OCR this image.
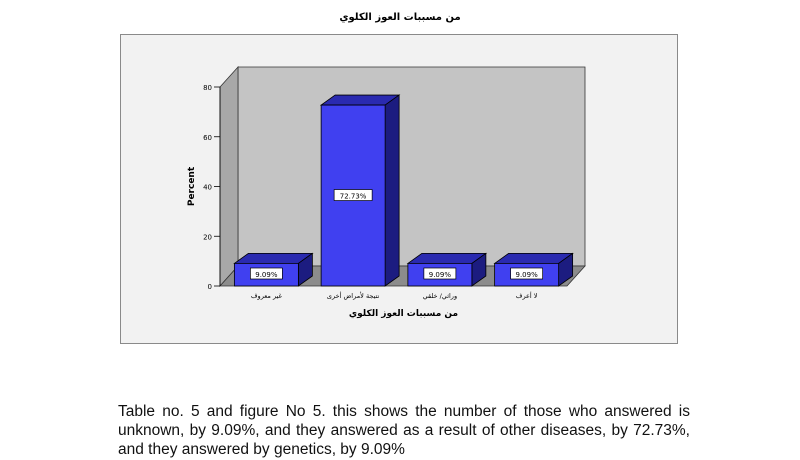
من مسببات العوز الكلوي
0
20
40
60
80
Percent
9.09%
غير معروف
72.73%
نتيجة لأمراض أخرى
9.09%
وراثي/ خلقي
9.09%
لا أعرف
من مسببات العوز الكلوي

Table no. 5 and figure No 5. this shows the number of those who answered is unknown, by 9.09%, and they answered as a result of other diseases, by 72.73%, and they answered by genetics, by 9.09%
